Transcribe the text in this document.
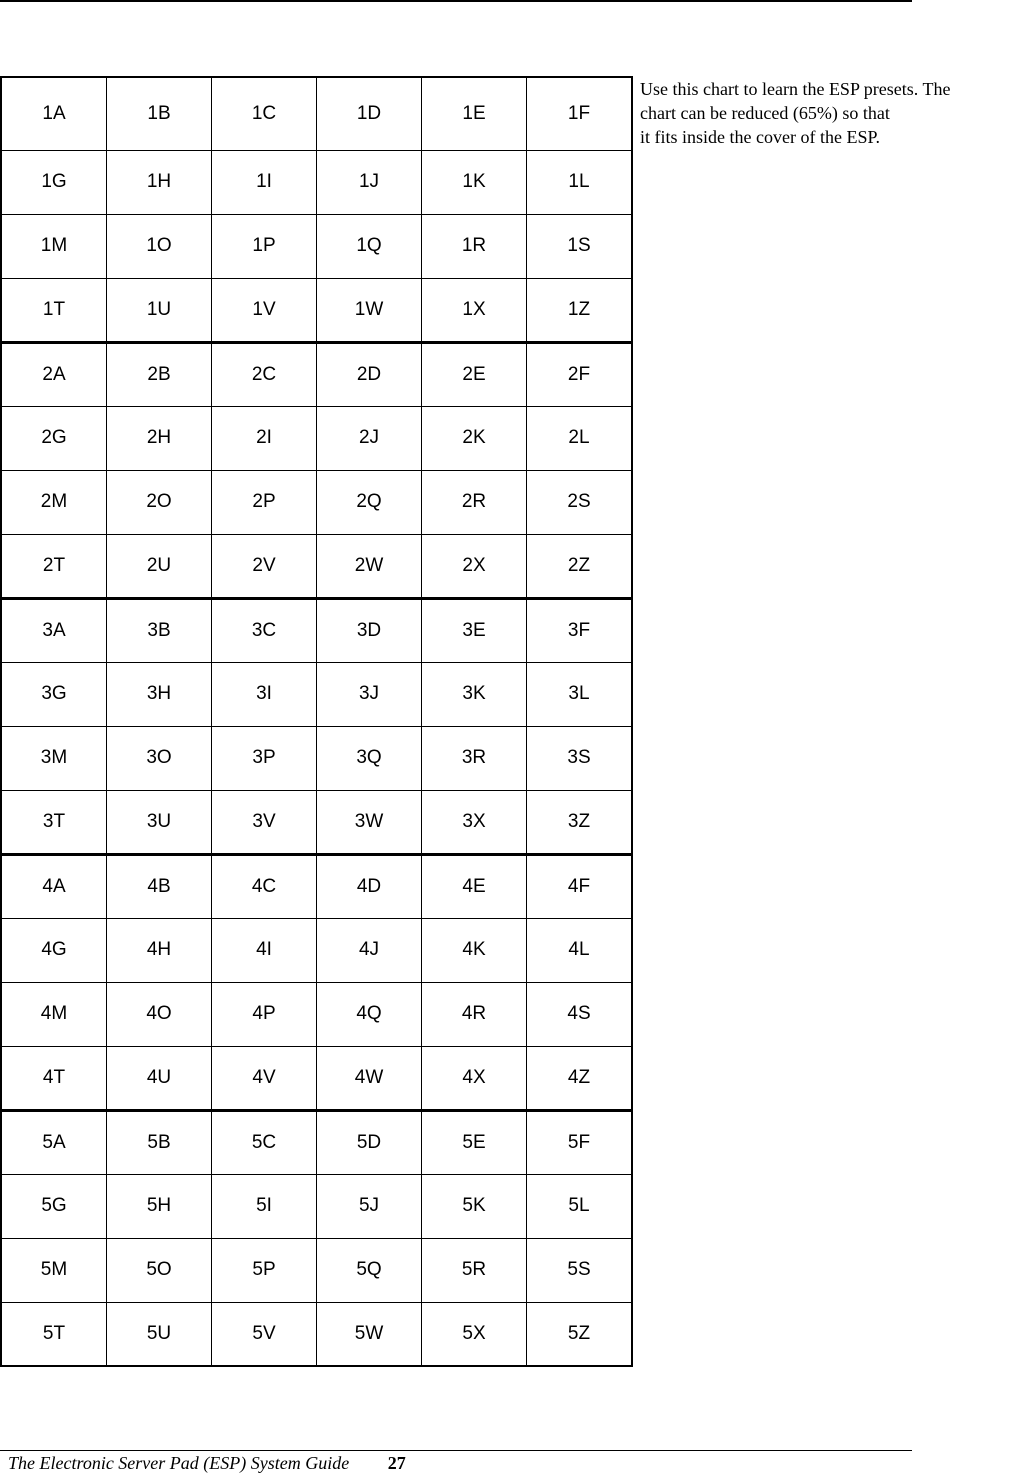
1A	1B	1C	1D	1E	1F
1G	1H	1I	1J	1K	1L
1M	1O	1P	1Q	1R	1S
1T	1U	1V	1W	1X	1Z
2A	2B	2C	2D	2E	2F
2G	2H	2I	2J	2K	2L
2M	2O	2P	2Q	2R	2S
2T	2U	2V	2W	2X	2Z
3A	3B	3C	3D	3E	3F
3G	3H	3I	3J	3K	3L
3M	3O	3P	3Q	3R	3S
3T	3U	3V	3W	3X	3Z
4A	4B	4C	4D	4E	4F
4G	4H	4I	4J	4K	4L
4M	4O	4P	4Q	4R	4S
4T	4U	4V	4W	4X	4Z
5A	5B	5C	5D	5E	5F
5G	5H	5I	5J	5K	5L
5M	5O	5P	5Q	5R	5S
5T	5U	5V	5W	5X	5Z
Use this chart to learn the ESP presets. The
chart can be reduced (65%) so that
it fits inside the cover of the ESP.
The Electronic Server Pad (ESP) System Guide 27
